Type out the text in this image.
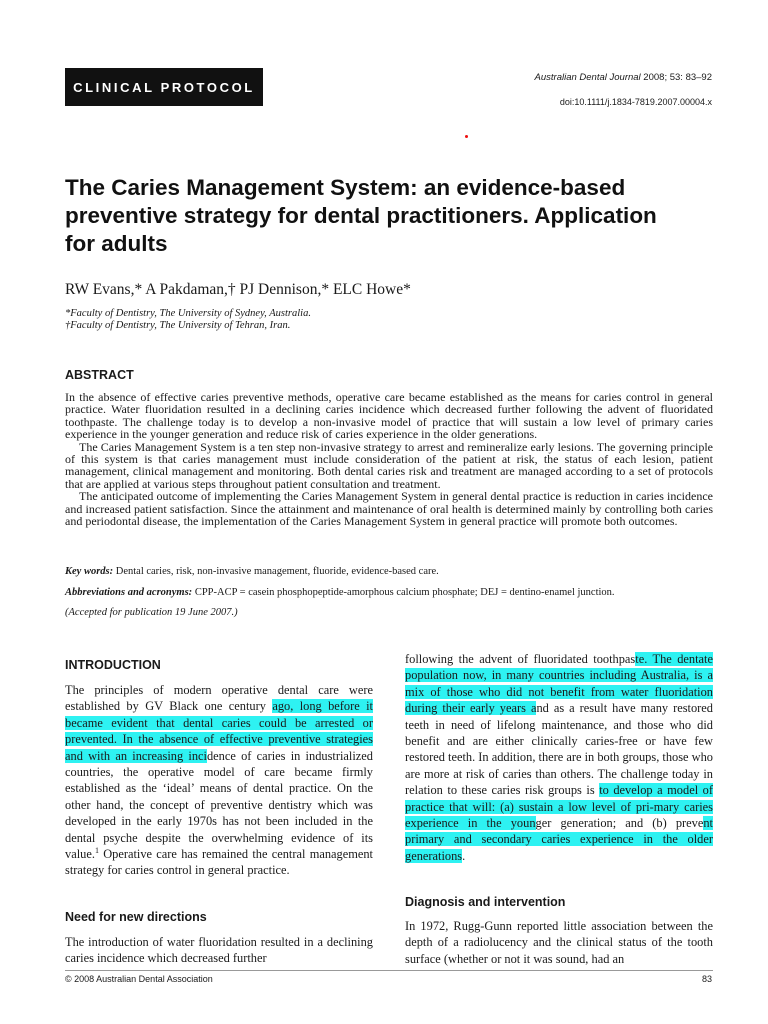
CLINICAL PROTOCOL
Australian Dental Journal 2008; 53: 83–92
doi:10.1111/j.1834-7819.2007.00004.x
The Caries Management System: an evidence-based
preventive strategy for dental practitioners. Application
for adults
RW Evans,* A Pakdaman,† PJ Dennison,* ELC Howe*
*Faculty of Dentistry, The University of Sydney, Australia.
†Faculty of Dentistry, The University of Tehran, Iran.
ABSTRACT

In the absence of effective caries preventive methods, operative care became established as the means for caries control in general practice. Water fluoridation resulted in a declining caries incidence which decreased further following the advent of fluoridated toothpaste. The challenge today is to develop a non-invasive model of practice that will sustain a low level of primary caries experience in the younger generation and reduce risk of caries experience in the older generations.

The Caries Management System is a ten step non-invasive strategy to arrest and remineralize early lesions. The governing principle of this system is that caries management must include consideration of the patient at risk, the status of each lesion, patient management, clinical management and monitoring. Both dental caries risk and treatment are managed according to a set of protocols that are applied at various steps throughout patient consultation and treatment.

The anticipated outcome of implementing the Caries Management System in general dental practice is reduction in caries incidence and increased patient satisfaction. Since the attainment and maintenance of oral health is determined mainly by controlling both caries and periodontal disease, the implementation of the Caries Management System in general practice will promote both outcomes.

Key words: Dental caries, risk, non-invasive management, fluoride, evidence-based care.
Abbreviations and acronyms: CPP-ACP = casein phosphopeptide-amorphous calcium phosphate; DEJ = dentino-enamel junction.
(Accepted for publication 19 June 2007.)
INTRODUCTION
The principles of modern operative dental care were established by GV Black one century ago, long before it became evident that dental caries could be arrested or prevented. In the absence of effective preventive strategies and with an increasing incidence of caries in industrialized countries, the operative model of care became firmly established as the ‘ideal’ means of dental practice. On the other hand, the concept of preventive dentistry which was developed in the early 1970s has not been included in the dental psyche despite the overwhelming evidence of its value.$^1$ Operative care has remained the central management strategy for caries control in general practice.
Need for new directions
The introduction of water fluoridation resulted in a declining caries incidence which decreased further
following the advent of fluoridated toothpaste. The dentate population now, in many countries including Australia, is a mix of those who did not benefit from water fluoridation during their early years and as a result have many restored teeth in need of lifelong maintenance, and those who did benefit and are either clinically caries-free or have few restored teeth. In addition, there are in both groups, those who are more at risk of caries than others. The challenge today in relation to these caries risk groups is to develop a model of practice that will: (a) sustain a low level of pri-mary caries experience in the younger generation; and (b) prevent primary and secondary caries experience in the older generations.
Diagnosis and intervention
In 1972, Rugg-Gunn reported little association between the depth of a radiolucency and the clinical status of the tooth surface (whether or not it was sound, had an
© 2008 Australian Dental Association	83
